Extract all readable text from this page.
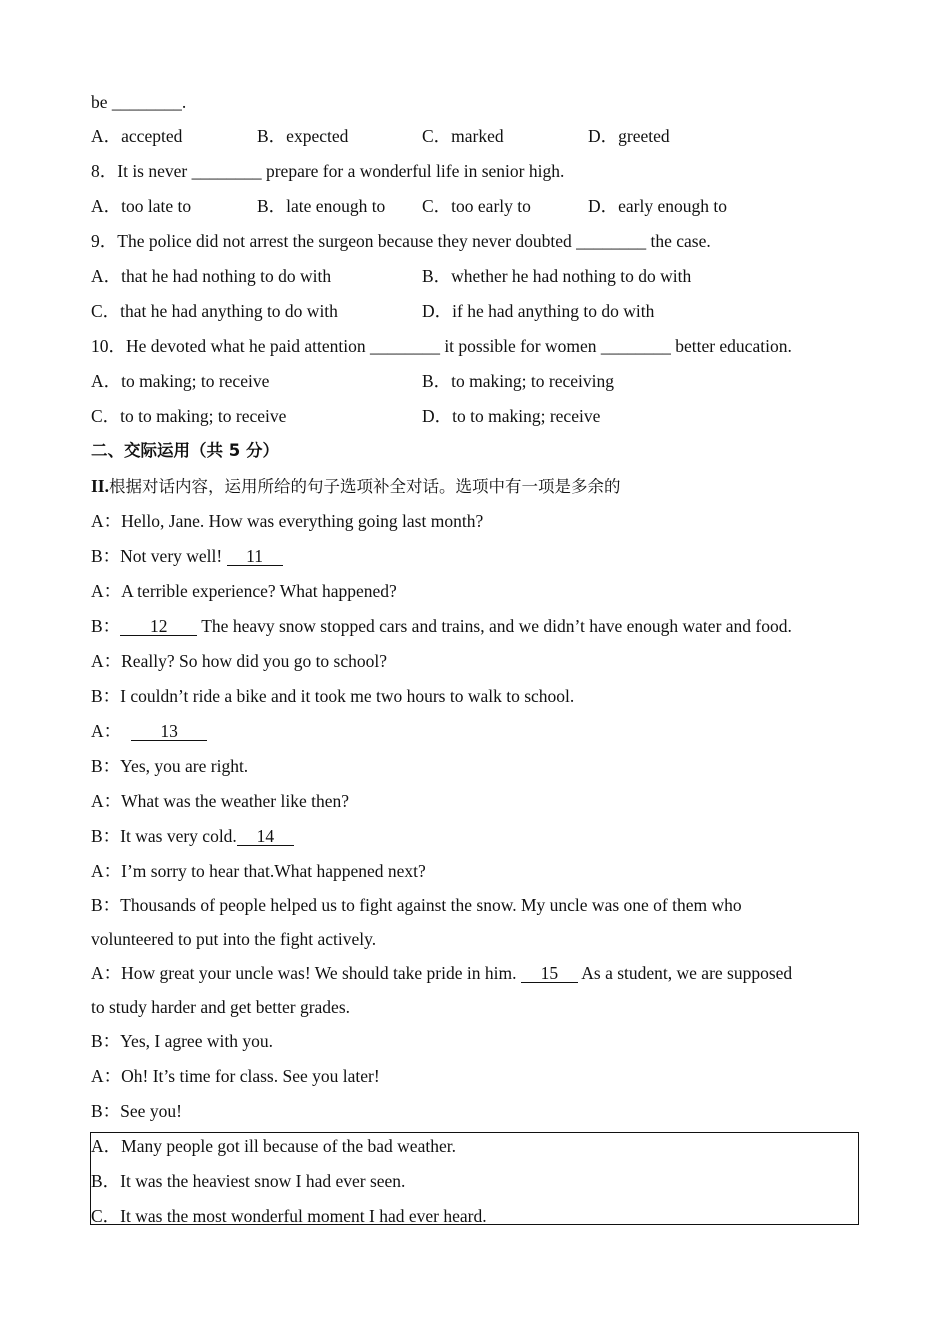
be ________.
A．accepted	B．expected	C．marked	D．greeted
8．It is never ________ prepare for a wonderful life in senior high.
A．too late to	B．late enough to C．too early to	D．early enough to
9．The police did not arrest the surgeon because they never doubted ________ the case.
A．that he had nothing to do with	B．whether he had nothing to do with
C．that he had anything to do with	D．if he had anything to do with
10．He devoted what he paid attention ________ it possible for women ________ better education.
A．to making; to receive	B．to making; to receiving
C．to to making; to receive	D．to to making; receive
二、交际运用（共 5 分）
II.根据对话内容，运用所给的句子选项补全对话。选项中有一项是多余的
A：Hello, Jane. How was everything going last month?
B：Not very well! 11
A：A terrible experience? What happened?
B： 12 The heavy snow stopped cars and trains, and we didn’t have enough water and food.
A：Really? So how did you go to school?
B：I couldn’t ride a bike and it took me two hours to walk to school.
A： 13
B：Yes, you are right.
A：What was the weather like then?
B：It was very cold. 14
A：I’m sorry to hear that.What happened next?
B：Thousands of people helped us to fight against the snow. My uncle was one of them who
volunteered to put into the fight actively.
A：How great your uncle was! We should take pride in him. 15 As a student, we are supposed
to study harder and get better grades.
B：Yes, I agree with you.
A：Oh! It’s time for class. See you later!
B：See you!
A．Many people got ill because of the bad weather.
B．It was the heaviest snow I had ever seen.
C．It was the most wonderful moment I had ever heard.
